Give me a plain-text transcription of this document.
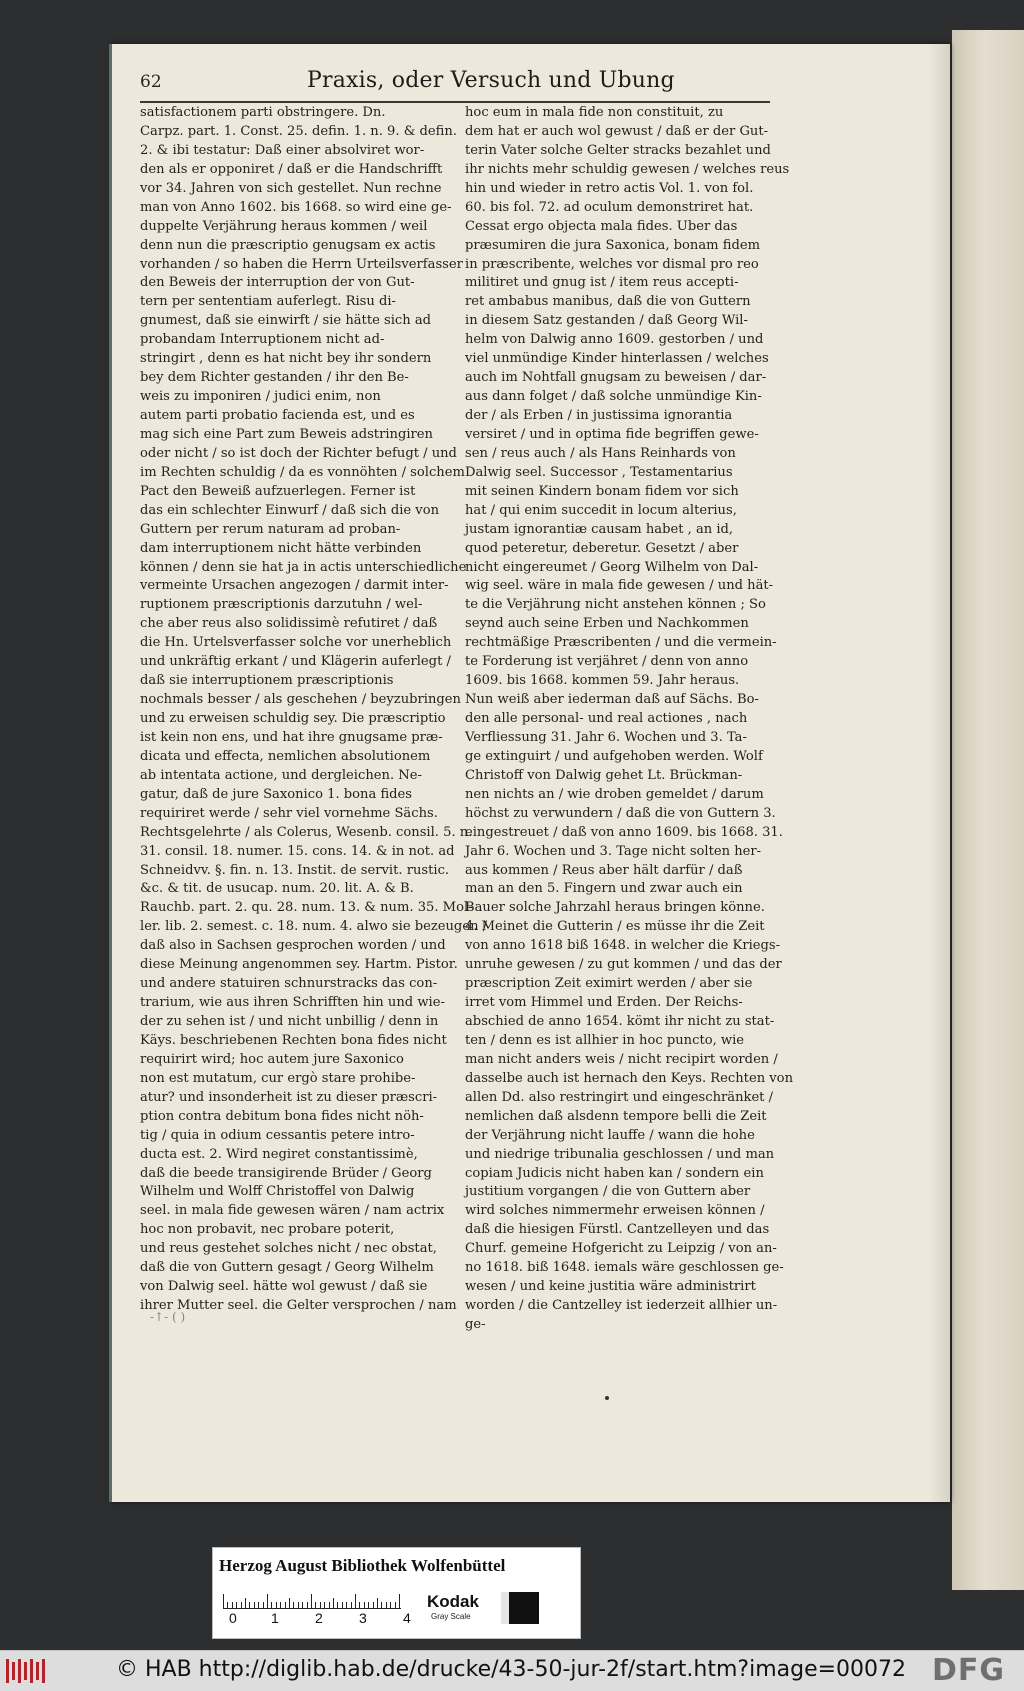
62	Praxis, oder Versuch und Ubung
satisfactionem parti obstringere. Dn.
Carpz. part. 1. Const. 25. defin. 1. n. 9. & defin.
2. & ibi testatur: Daß einer absolviret wor-
den als er opponiret / daß er die Handschrifft
vor 34. Jahren von sich gestellet. Nun rechne
man von Anno 1602. bis 1668. so wird eine ge-
duppelte Verjährung heraus kommen / weil
denn nun die præscriptio genugsam ex actis
vorhanden / so haben die Herrn Urteilsverfasser
den Beweis der interruption der von Gut-
tern per sententiam auferlegt. Risu di-
gnumest, daß sie einwirft / sie hätte sich ad
probandam Interruptionem nicht ad-
stringirt , denn es hat nicht bey ihr sondern
bey dem Richter gestanden / ihr den Be-
weis zu imponiren / judici enim, non
autem parti probatio facienda est, und es
mag sich eine Part zum Beweis adstringiren
oder nicht / so ist doch der Richter befugt / und
im Rechten schuldig / da es vonnöhten / solchem
Pact den Beweiß aufzuerlegen. Ferner ist
das ein schlechter Einwurf / daß sich die von
Guttern per rerum naturam ad proban-
dam interruptionem nicht hätte verbinden
können / denn sie hat ja in actis unterschiedliche
vermeinte Ursachen angezogen / darmit inter-
ruptionem præscriptionis darzutuhn / wel-
che aber reus also solidissimè refutiret / daß
die Hn. Urtelsverfasser solche vor unerheblich
und unkräftig erkant / und Klägerin auferlegt /
daß sie interruptionem præscriptionis
nochmals besser / als geschehen / beyzubringen
und zu erweisen schuldig sey. Die præscriptio
ist kein non ens, und hat ihre gnugsame præ-
dicata und effecta, nemlichen absolutionem
ab intentata actione, und dergleichen. Ne-
gatur, daß de jure Saxonico 1. bona fides
requiriret werde / sehr viel vornehme Sächs.
Rechtsgelehrte / als Colerus, Wesenb. consil. 5. n.
31. consil. 18. numer. 15. cons. 14. & in not. ad
Schneidvv. §. fin. n. 13. Instit. de servit. rustic.
&c. & tit. de usucap. num. 20. lit. A. & B.
Rauchb. part. 2. qu. 28. num. 13. & num. 35. Mol-
ler. lib. 2. semest. c. 18. num. 4. alwo sie bezeugen /
daß also in Sachsen gesprochen worden / und
diese Meinung angenommen sey. Hartm. Pistor.
und andere statuiren schnurstracks das con-
trarium, wie aus ihren Schrifften hin und wie-
der zu sehen ist / und nicht unbillig / denn in
Käys. beschriebenen Rechten bona fides nicht
requirirt wird; hoc autem jure Saxonico
non est mutatum, cur ergò stare prohibe-
atur? und insonderheit ist zu dieser præscri-
ption contra debitum bona fides nicht nöh-
tig / quia in odium cessantis petere intro-
ducta est. 2. Wird negiret constantissimè,
daß die beede transigirende Brüder / Georg
Wilhelm und Wolff Christoffel von Dalwig
seel. in mala fide gewesen wären / nam actrix
hoc non probavit, nec probare poterit,
und reus gestehet solches nicht / nec obstat,
daß die von Guttern gesagt / Georg Wilhelm
von Dalwig seel. hätte wol gewust / daß sie
ihrer Mutter seel. die Gelter versprochen / nam
hoc eum in mala fide non constituit, zu
dem hat er auch wol gewust / daß er der Gut-
terin Vater solche Gelter stracks bezahlet und
ihr nichts mehr schuldig gewesen / welches reus
hin und wieder in retro actis Vol. 1. von fol.
60. bis fol. 72. ad oculum demonstriret hat.
Cessat ergo objecta mala fides. Uber das
præsumiren die jura Saxonica, bonam fidem
in præscribente, welches vor dismal pro reo
militiret und gnug ist / item reus accepti-
ret ambabus manibus, daß die von Guttern
in diesem Satz gestanden / daß Georg Wil-
helm von Dalwig anno 1609. gestorben / und
viel unmündige Kinder hinterlassen / welches
auch im Nohtfall gnugsam zu beweisen / dar-
aus dann folget / daß solche unmündige Kin-
der / als Erben / in justissima ignorantia
versiret / und in optima fide begriffen gewe-
sen / reus auch / als Hans Reinhards von
Dalwig seel. Successor , Testamentarius
mit seinen Kindern bonam fidem vor sich
hat / qui enim succedit in locum alterius,
justam ignorantiæ causam habet , an id,
quod peteretur, deberetur. Gesetzt / aber
nicht eingereumet / Georg Wilhelm von Dal-
wig seel. wäre in mala fide gewesen / und hät-
te die Verjährung nicht anstehen können ; So
seynd auch seine Erben und Nachkommen
rechtmäßige Præscribenten / und die vermein-
te Forderung ist verjähret / denn von anno
1609. bis 1668. kommen 59. Jahr heraus.
Nun weiß aber iederman daß auf Sächs. Bo-
den alle personal- und real actiones , nach
Verfliessung 31. Jahr 6. Wochen und 3. Ta-
ge extinguirt / und aufgehoben werden. Wolf
Christoff von Dalwig gehet Lt. Brückman-
nen nichts an / wie droben gemeldet / darum
höchst zu verwundern / daß die von Guttern 3.
eingestreuet / daß von anno 1609. bis 1668. 31.
Jahr 6. Wochen und 3. Tage nicht solten her-
aus kommen / Reus aber hält darfür / daß
man an den 5. Fingern und zwar auch ein
Bauer solche Jahrzahl heraus bringen könne.
4. Meinet die Gutterin / es müsse ihr die Zeit
von anno 1618 biß 1648. in welcher die Kriegs-
unruhe gewesen / zu gut kommen / und das der
præscription Zeit eximirt werden / aber sie
irret vom Himmel und Erden. Der Reichs-
abschied de anno 1654. kömt ihr nicht zu stat-
ten / denn es ist allhier in hoc puncto, wie
man nicht anders weis / nicht recipirt worden /
dasselbe auch ist hernach den Keys. Rechten von
allen Dd. also restringirt und eingeschränket /
nemlichen daß alsdenn tempore belli die Zeit
der Verjährung nicht lauffe / wann die hohe
und niedrige tribunalia geschlossen / und man
copiam Judicis nicht haben kan / sondern ein
justitium vorgangen / die von Guttern aber
wird solches nimmermehr erweisen können /
daß die hiesigen Fürstl. Cantzelleyen und das
Churf. gemeine Hofgericht zu Leipzig / von an-
no 1618. biß 1648. iemals wäre geschlossen ge-
wesen / und keine justitia wäre administrirt
worden / die Cantzelley ist iederzeit allhier un-
ge-
-↑- ( )
Herzog August Bibliothek Wolfenbüttel
0 1	2	3	4
Kodak
Gray Scale
© HAB http://diglib.hab.de/drucke/43-50-jur-2f/start.htm?image=00072 DFG
